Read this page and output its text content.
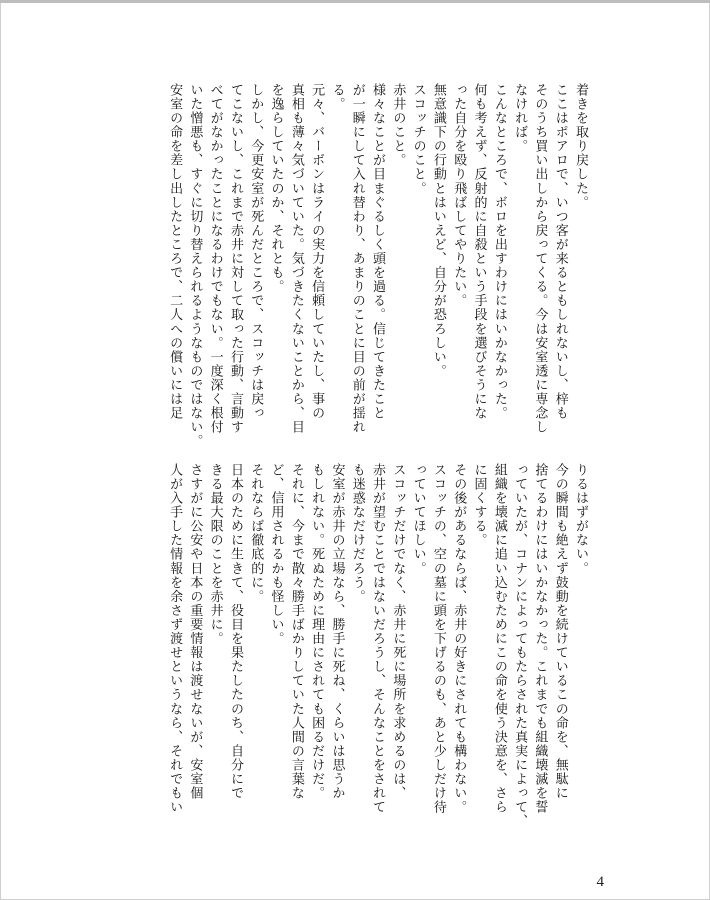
着きを取り戻した。

ここはポアロで、いつ客が来るともしれないし、梓も

そのうち買い出しから戻ってくる。今は安室透に専念し

なければ。

こんなところで、ボロを出すわけにはいかなかった。

何も考えず、反射的に自殺という手段を選びそうにな

った自分を殴り飛ばしてやりたい。

無意識下の行動とはいえど、自分が恐ろしい。

スコッチのこと。

赤井のこと。

様々なことが目まぐるしく頭を過る。信じてきたこと

が一瞬にして入れ替わり、あまりのことに目の前が揺れ

る。

元々、バーボンはライの実力を信頼していたし、事の

真相も薄々気づいていた。気づきたくないことから、目

を逸らしていたのか、それとも。

しかし、今更安室が死んだところで、スコッチは戻っ

てこないし、これまで赤井に対して取った行動、言動す

べてがなかったことになるわけでもない。一度深く根付

いた憎悪も、すぐに切り替えられるようなものではない。

安室の命を差し出したところで、二人への償いには足

りるはずがない。

今の瞬間も絶えず鼓動を続けているこの命を、無駄に

捨てるわけにはいかなかった。これまでも組織壊滅を誓

っていたが、コナンによってもたらされた真実によって、

組織を壊滅に追い込むためにこの命を使う決意を、さら

に固くする。

その後があるならば、赤井の好きにされても構わない。

スコッチの、空の墓に頭を下げるのも、あと少しだけ待

っていてほしい。

スコッチだけでなく、赤井に死に場所を求めるのは、

赤井が望むことではないだろうし、そんなことをされて

も迷惑なだけだろう。

安室が赤井の立場なら、勝手に死ね、くらいは思うか

もしれない。死ぬために理由にされても困るだけだ。

それに、今まで散々勝手ばかりしていた人間の言葉な

ど、信用されるかも怪しい。

それならば徹底的に。

日本のために生きて、役目を果たしたのち、自分にで

きる最大限のことを赤井に。

さすがに公安や日本の重要情報は渡せないが、安室個

人が入手した情報を余さず渡せというなら、それでもい

4
